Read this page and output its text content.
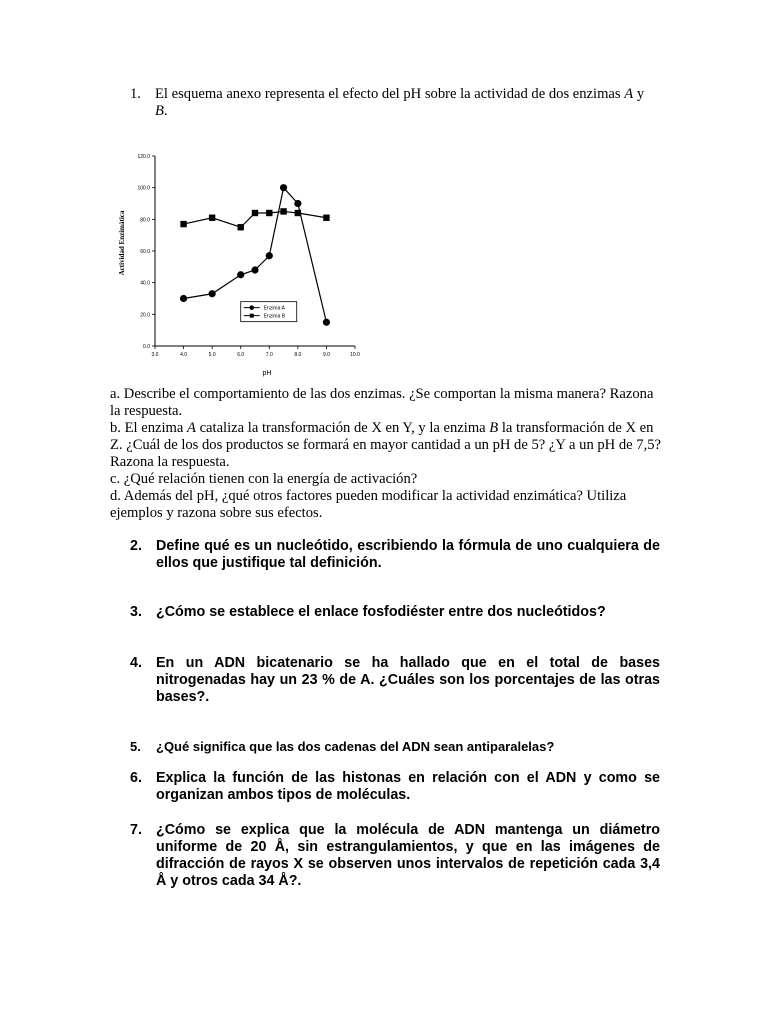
1. El esquema anexo representa el efecto del pH sobre la actividad de dos enzimas A y B.
0.0
20.0
40.0
60.0
80.0
100.0
120.0
3.0	4.0	5.0	6.0	7.0	8.0	9.0	10.0
pH
Actividad Enzimática
Enzima A
Enzima B

a. Describe el comportamiento de las dos enzimas. ¿Se comportan la misma manera? Razona la respuesta.

b. El enzima A cataliza la transformación de X en Y, y la enzima B la transformación de X en Z. ¿Cuál de los dos productos se formará en mayor cantidad a un pH de 5? ¿Y a un pH de 7,5? Razona la respuesta.

c. ¿Qué relación tienen con la energía de activación?

d. Además del pH, ¿qué otros factores pueden modificar la actividad enzimática? Utiliza ejemplos y razona sobre sus efectos.

2. Define qué es un nucleótido, escribiendo la fórmula de uno cualquiera de ellos que justifique tal definición.
3. ¿Cómo se establece el enlace fosfodiéster entre dos nucleótidos?
4. En un ADN bicatenario se ha hallado que en el total de bases nitrogenadas hay un 23 % de A. ¿Cuáles son los porcentajes de las otras bases?.
5. ¿Qué significa que las dos cadenas del ADN sean antiparalelas?
6. Explica la función de las histonas en relación con el ADN y como se organizan ambos tipos de moléculas.
7. ¿Cómo se explica que la molécula de ADN mantenga un diámetro uniforme de 20 Å, sin estrangulamientos, y que en las imágenes de difracción de rayos X se observen unos intervalos de repetición cada 3,4 Å y otros cada 34 Å?.
